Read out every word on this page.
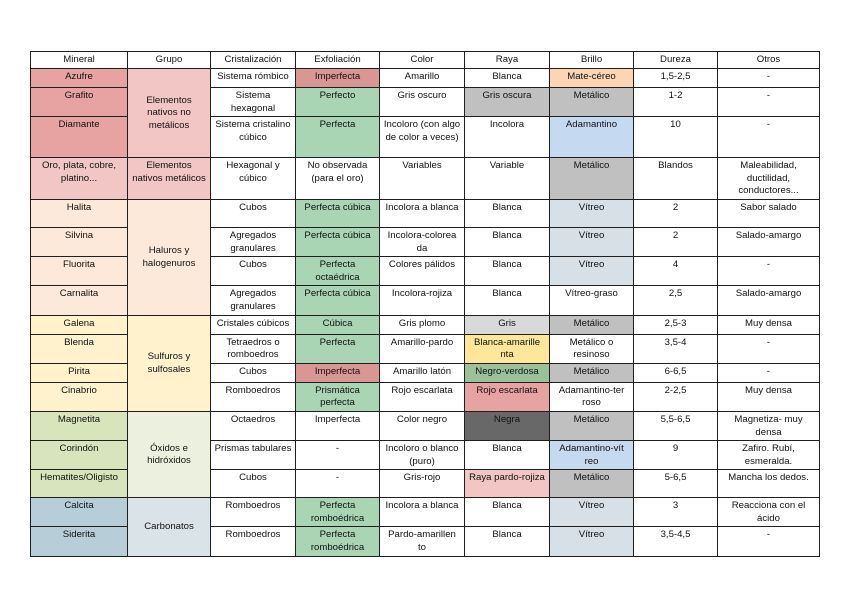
Mineral	Grupo	Cristalización	Exfoliación	Color	Raya	Brillo	Dureza	Otros
Azufre	Elementos nativos no metálicos	Sistema rómbico	Imperfecta	Amarillo	Blanca	Mate-céreo	1,5-2,5	-
Grafito		Sistema hexagonal	Perfecto	Gris oscuro	Gris oscura	Metálico	1-2	-
Diamante		Sistema cristalino cúbico	Perfecta	Incoloro (con algo de color a veces)	Incolora	Adamantino	10	-
Oro, plata, cobre, platino...	Elementos nativos metálicos	Hexagonal y cúbico	No observada (para el oro)	Variables	Variable	Metálico	Blandos	Maleabilidad, ductilidad, conductores...
Halita	Haluros y halogenuros	Cubos	Perfecta cúbica	Incolora a blanca	Blanca	Vítreo	2	Sabor salado
Silvina		Agregados granulares	Perfecta cúbica	Incolora-colorea da	Blanca	Vítreo	2	Salado-amargo
Fluorita		Cubos	Perfecta octaédrica	Colores pálidos	Blanca	Vítreo	4	-
Carnalita		Agregados granulares	Perfecta cúbica	Incolora-rojiza	Blanca	Vítreo-graso	2,5	Salado-amargo
Galena	Sulfuros y sulfosales	Cristales cúbicos	Cúbica	Gris plomo	Gris	Metálico	2,5-3	Muy densa
Blenda		Tetraedros o romboedros	Perfecta	Amarillo-pardo	Blanca-amarille nta	Metálico o resinoso	3,5-4	-
Pirita		Cubos	Imperfecta	Amarillo latón	Negro-verdosa	Metálico	6-6,5	-
Cinabrio		Romboedros	Prismática perfecta	Rojo escarlata	Rojo escarlata	Adamantino-ter roso	2-2,5	Muy densa
Magnetita	Óxidos e hidróxidos	Octaedros	Imperfecta	Color negro	Negra	Metálico	5,5-6,5	Magnetiza- muy densa
Corindón		Prismas tabulares	-	Incoloro o blanco (puro)	Blanca	Adamantino-vít reo	9	Zafiro. Rubí, esmeralda.
Hematites/Oligisto		Cubos	-	Gris-rojo	Raya pardo-rojiza	Metálico	5-6,5	Mancha los dedos.
Calcita	Carbonatos	Romboedros	Perfecta romboédrica	Incolora a blanca	Blanca	Vítreo	3	Reacciona con el ácido
Siderita		Romboedros	Perfecta romboédrica	Pardo-amarillen to	Blanca	Vítreo	3,5-4,5	-
